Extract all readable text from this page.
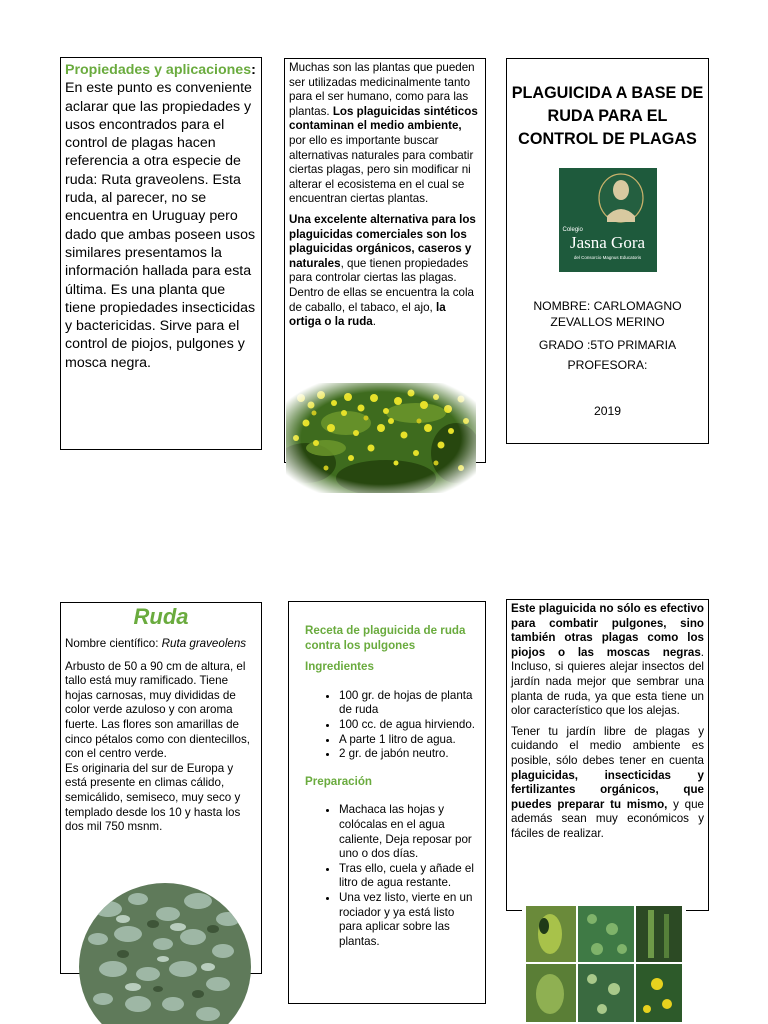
Propiedades y aplicaciones:

En este punto es conveniente aclarar que las propiedades y usos encontrados para el control de plagas hacen referencia a otra especie de ruda: Ruta graveolens. Esta ruda, al parecer, no se encuentra en Uruguay pero dado que ambas poseen usos similares presentamos la información hallada para esta última. Es una planta que tiene propiedades insecticidas y bactericidas. Sirve para el control de piojos, pulgones y mosca negra.

Muchas son las plantas que pueden ser utilizadas medicinalmente tanto para el ser humano, como para las plantas. Los plaguicidas sintéticos contaminan el medio ambiente, por ello es importante buscar alternativas naturales para combatir ciertas plagas, pero sin modificar ni alterar el ecosistema en el cual se encuentran ciertas plantas.

Una excelente alternativa para los plaguicidas comerciales son los plaguicidas orgánicos, caseros y naturales, que tienen propiedades para controlar ciertas las plagas. Dentro de ellas se encuentra la cola de caballo, el tabaco, el ajo, la ortiga o la ruda.

PLAGUICIDA A BASE DE RUDA PARA EL CONTROL DE PLAGAS
Colegio
Jasna Gora
del Consorcio Magnus Educatoris
NOMBRE: CARLOMAGNO ZEVALLOS MERINO
GRADO :5TO PRIMARIA
PROFESORA:
2019
Ruda

Nombre científico: Ruta graveolens

Arbusto de 50 a 90 cm de altura, el tallo está muy ramificado. Tiene hojas carnosas, muy divididas de color verde azuloso y con aroma fuerte. Las flores son amarillas de cinco pétalos como con dientecillos, con el centro verde.

Es originaria del sur de Europa y está presente en climas cálido, semicálido, semiseco, muy seco y templado desde los 10 y hasta los dos mil 750 msnm.

Receta de plaguicida de ruda contra los pulgones
Ingredientes
• 100 gr. de hojas de planta de ruda
• 100 cc. de agua hirviendo.
• A parte 1 litro de agua.
• 2 gr. de jabón neutro.
Preparación
• Machaca las hojas y colócalas en el agua caliente, Deja reposar por uno o dos días.
• Tras ello, cuela y añade el litro de agua restante.
• Una vez listo, vierte en un rociador y ya está listo para aplicar sobre las plantas.

Este plaguicida no sólo es efectivo para combatir pulgones, sino también otras plagas como los piojos o las moscas negras. Incluso, si quieres alejar insectos del jardín nada mejor que sembrar una planta de ruda, ya que esta tiene un olor característico que los alejas.

Tener tu jardín libre de plagas y cuidando el medio ambiente es posible, sólo debes tener en cuenta plaguicidas, insecticidas y fertilizantes orgánicos, que puedes preparar tu mismo, y que además sean muy económicos y fáciles de realizar.
